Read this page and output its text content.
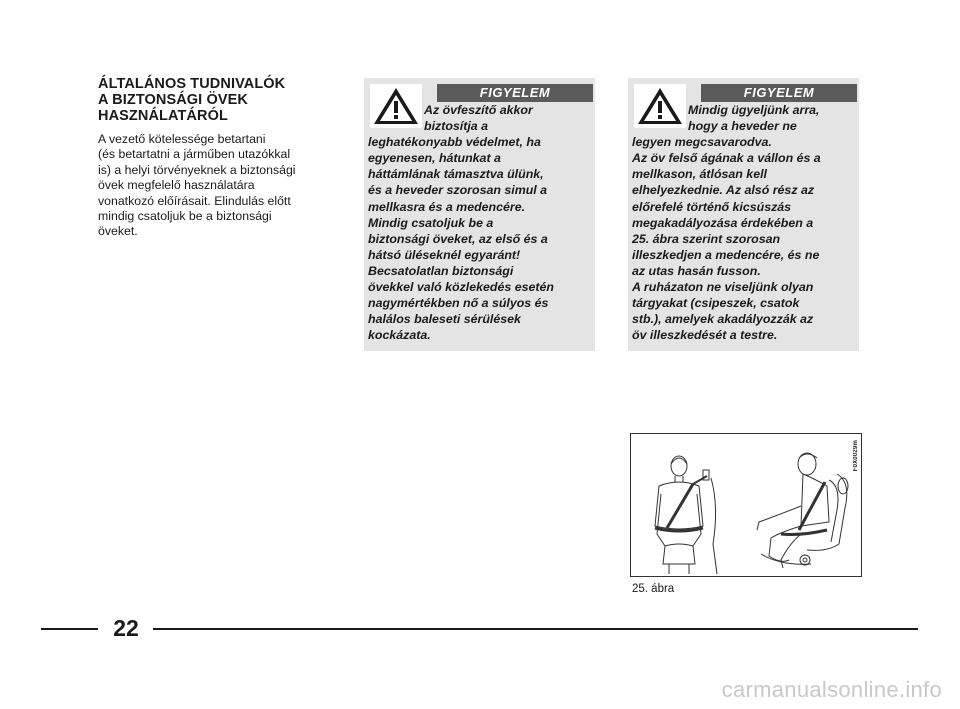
ÁLTALÁNOS TUDNIVALÓK
A BIZTONSÁGI ÖVEK
HASZNÁLATÁRÓL

A vezető kötelessége betartani
(és betartatni a járműben utazókkal
is) a helyi törvényeknek a biztonsági
övek megfelelő használatára
vonatkozó előírásait. Elindulás előtt
mindig csatoljuk be a biztonsági
öveket.

FIGYELEM
Az övfeszítő akkor
biztosítja a
leghatékonyabb védelmet, ha
egyenesen, hátunkat a
háttámlának támasztva ülünk,
és a heveder szorosan simul a
mellkasra és a medencére.
Mindig csatoljuk be a
biztonsági öveket, az első és a
hátsó üléseknél egyaránt!
Becsatolatlan biztonsági
övekkel való közlekedés esetén
nagymértékben nő a súlyos és
halálos baleseti sérülések
kockázata.
FIGYELEM
Mindig ügyeljünk arra,
hogy a heveder ne
legyen megcsavarodva.
Az öv felső ágának a vállon és a
mellkason, átlósan kell
elhelyezkednie. Az alsó rész az
előrefelé történő kicsúszás
megakadályozása érdekében a
25. ábra szerint szorosan
illeszkedjen a medencére, és ne
az utas hasán fusson.
A ruházaton ne viseljünk olyan
tárgyakat (csipeszek, csatok
stb.), amelyek akadályozzák az
öv illeszkedését a testre.
F0X0029m
25. ábra
22
carmanualsonline.info
